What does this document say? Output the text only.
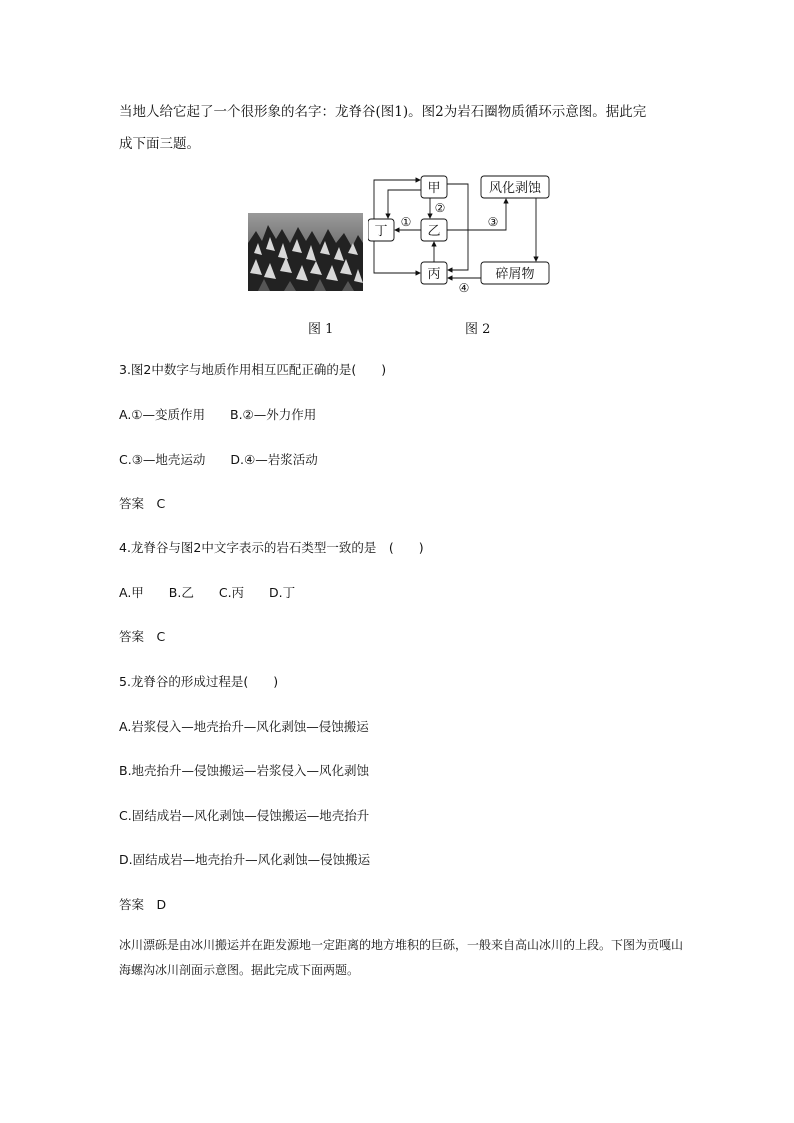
当地人给它起了一个很形象的名字：龙脊谷(图1)。图2为岩石圈物质循环示意图。据此完
成下面三题。
甲
乙
丙
丁
风化剥蚀
碎屑物
①
②
③
④
图 1	图 2
3.图2中数字与地质作用相互匹配正确的是(　　)
A.①—变质作用　　B.②—外力作用
C.③—地壳运动　　D.④—岩浆活动
答案　C
4.龙脊谷与图2中文字表示的岩石类型一致的是　(　　)
A.甲　　B.乙　　C.丙　　D.丁
答案　C
5.龙脊谷的形成过程是(　　)
A.岩浆侵入—地壳抬升—风化剥蚀—侵蚀搬运
B.地壳抬升—侵蚀搬运—岩浆侵入—风化剥蚀
C.固结成岩—风化剥蚀—侵蚀搬运—地壳抬升
D.固结成岩—地壳抬升—风化剥蚀—侵蚀搬运
答案　D
冰川漂砾是由冰川搬运并在距发源地一定距离的地方堆积的巨砾，一般来自高山冰川的上段。下图为贡嘎山
海螺沟冰川剖面示意图。据此完成下面两题。
